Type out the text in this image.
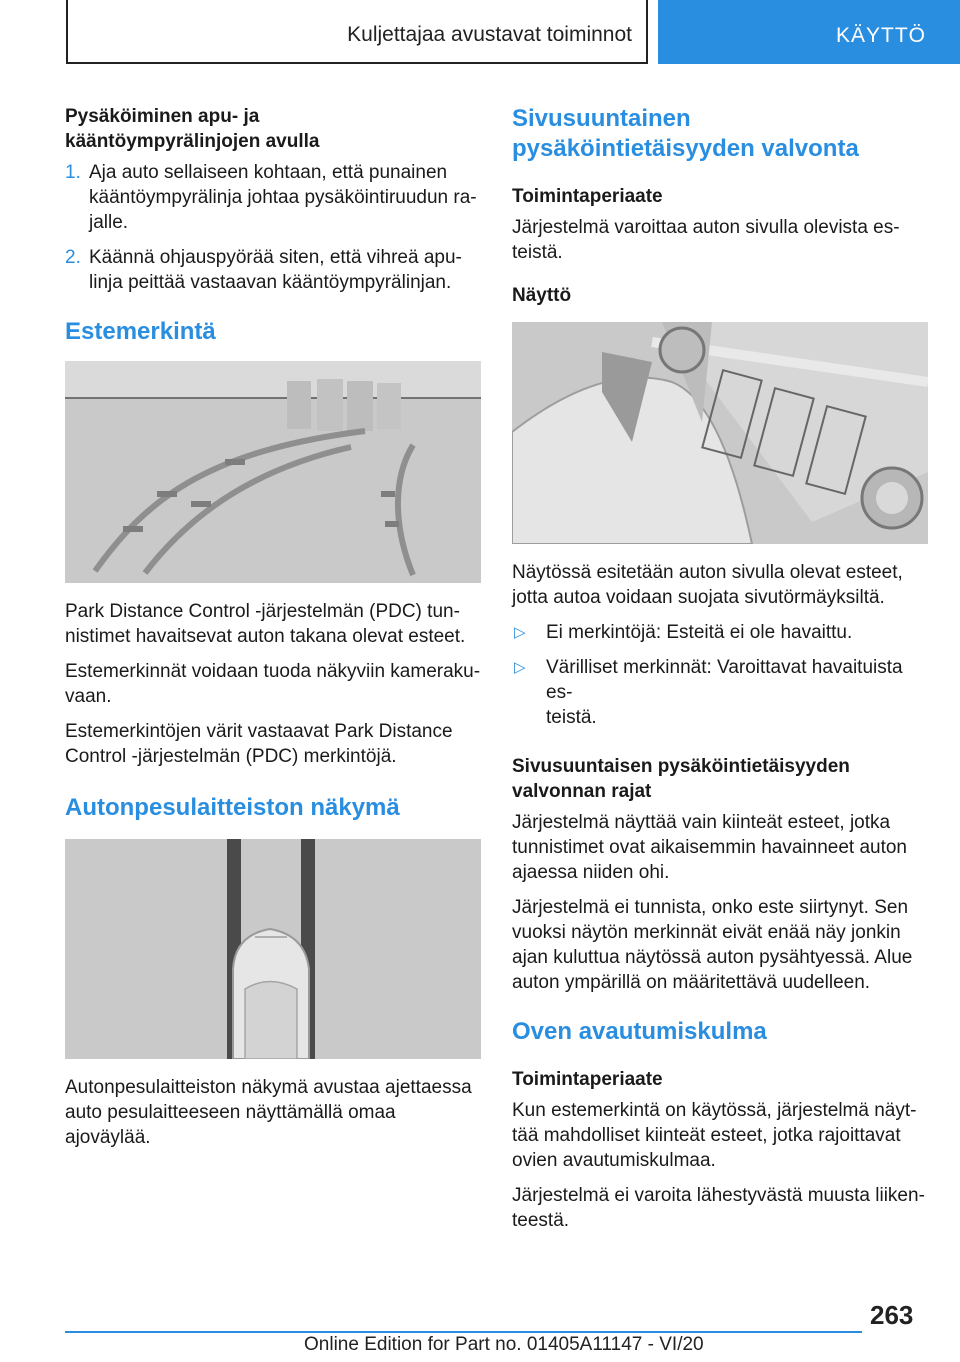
Kuljettajaa avustavat toiminnot	KÄYTTÖ
Pysäköiminen apu- ja
kääntöympyrälinjojen avulla
1. Aja auto sellaiseen kohtaan, että punainen
kääntöympyrälinja johtaa pysäköintiruudun ra‐
jalle.
2. Käännä ohjauspyörää siten, että vihreä apu‐
linja peittää vastaavan kääntöympyrälinjan.
Estemerkintä
Park Distance Control -järjestelmän (PDC) tun‐
nistimet havaitsevat auton takana olevat esteet.
Estemerkinnät voidaan tuoda näkyviin kameraku‐
vaan.
Estemerkintöjen värit vastaavat Park Distance
Control -järjestelmän (PDC) merkintöjä.
Autonpesulaitteiston näkymä
Autonpesulaitteiston näkymä avustaa ajettaessa
auto pesulaitteeseen näyttämällä omaa ajoväylää.
Sivusuuntainen
pysäköintietäisyyden valvonta
Toimintaperiaate
Järjestelmä varoittaa auton sivulla olevista es‐
teistä.
Näyttö
Näytössä esitetään auton sivulla olevat esteet,
jotta autoa voidaan suojata sivutörmäyksiltä.
▷	Ei merkintöjä: Esteitä ei ole havaittu.
▷	Värilliset merkinnät: Varoittavat havaituista es‐
teistä.
Sivusuuntaisen pysäköintietäisyyden
valvonnan rajat
Järjestelmä näyttää vain kiinteät esteet, jotka
tunnistimet ovat aikaisemmin havainneet auton
ajaessa niiden ohi.
Järjestelmä ei tunnista, onko este siirtynyt. Sen
vuoksi näytön merkinnät eivät enää näy jonkin
ajan kuluttua näytössä auton pysähtyessä. Alue
auton ympärillä on määritettävä uudelleen.
Oven avautumiskulma
Toimintaperiaate
Kun estemerkintä on käytössä, järjestelmä näyt‐
tää mahdolliset kiinteät esteet, jotka rajoittavat
ovien avautumiskulmaa.
Järjestelmä ei varoita lähestyvästä muusta liiken‐
teestä.
263
Online Edition for Part no. 01405A11147 - VI/20
